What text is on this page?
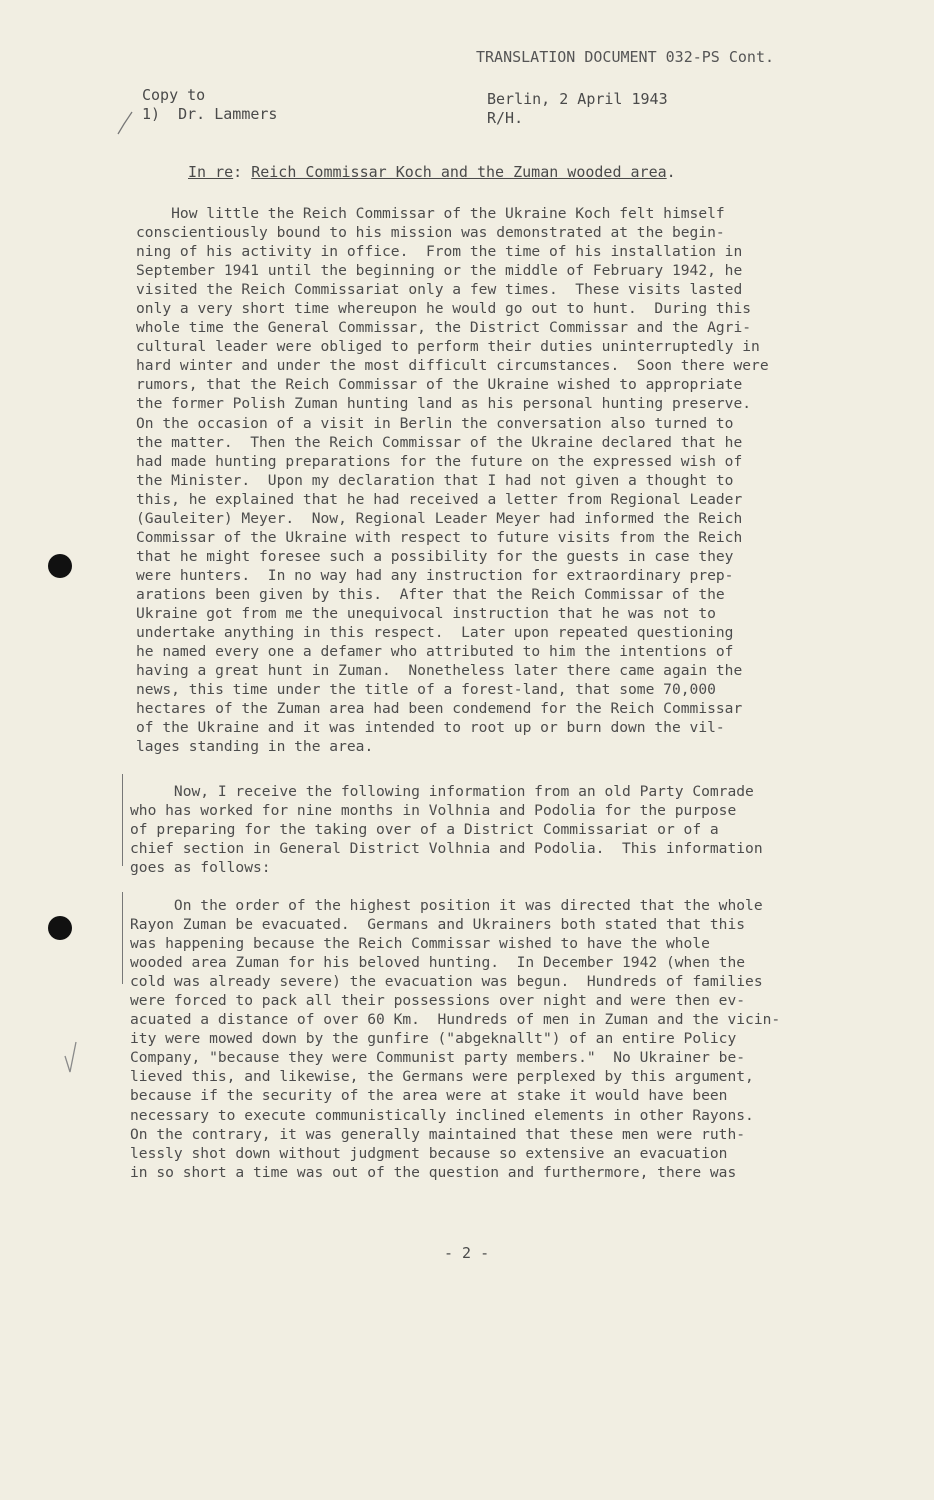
TRANSLATION DOCUMENT 032-PS Cont.
Copy to
1)  Dr. Lammers
Berlin, 2 April 1943
R/H.
In re: Reich Commissar Koch and the Zuman wooded area.
How little the Reich Commissar of the Ukraine Koch felt himself
conscientiously bound to his mission was demonstrated at the begin-
ning of his activity in office.  From the time of his installation in
September 1941 until the beginning or the middle of February 1942, he
visited the Reich Commissariat only a few times.  These visits lasted
only a very short time whereupon he would go out to hunt.  During this
whole time the General Commissar, the District Commissar and the Agri-
cultural leader were obliged to perform their duties uninterruptedly in
hard winter and under the most difficult circumstances.  Soon there were
rumors, that the Reich Commissar of the Ukraine wished to appropriate
the former Polish Zuman hunting land as his personal hunting preserve.
On the occasion of a visit in Berlin the conversation also turned to
the matter.  Then the Reich Commissar of the Ukraine declared that he
had made hunting preparations for the future on the expressed wish of
the Minister.  Upon my declaration that I had not given a thought to
this, he explained that he had received a letter from Regional Leader
(Gauleiter) Meyer.  Now, Regional Leader Meyer had informed the Reich
Commissar of the Ukraine with respect to future visits from the Reich
that he might foresee such a possibility for the guests in case they
were hunters.  In no way had any instruction for extraordinary prep-
arations been given by this.  After that the Reich Commissar of the
Ukraine got from me the unequivocal instruction that he was not to
undertake anything in this respect.  Later upon repeated questioning
he named every one a defamer who attributed to him the intentions of
having a great hunt in Zuman.  Nonetheless later there came again the
news, this time under the title of a forest-land, that some 70,000
hectares of the Zuman area had been condemend for the Reich Commissar
of the Ukraine and it was intended to root up or burn down the vil-
lages standing in the area.
Now, I receive the following information from an old Party Comrade
who has worked for nine months in Volhnia and Podolia for the purpose
of preparing for the taking over of a District Commissariat or of a
chief section in General District Volhnia and Podolia.  This information
goes as follows:
On the order of the highest position it was directed that the whole
Rayon Zuman be evacuated.  Germans and Ukrainers both stated that this
was happening because the Reich Commissar wished to have the whole
wooded area Zuman for his beloved hunting.  In December 1942 (when the
cold was already severe) the evacuation was begun.  Hundreds of families
were forced to pack all their possessions over night and were then ev-
acuated a distance of over 60 Km.  Hundreds of men in Zuman and the vicin-
ity were mowed down by the gunfire ("abgeknallt") of an entire Policy
Company, "because they were Communist party members."  No Ukrainer be-
lieved this, and likewise, the Germans were perplexed by this argument,
because if the security of the area were at stake it would have been
necessary to execute communistically inclined elements in other Rayons.
On the contrary, it was generally maintained that these men were ruth-
lessly shot down without judgment because so extensive an evacuation
in so short a time was out of the question and furthermore, there was
- 2 -
